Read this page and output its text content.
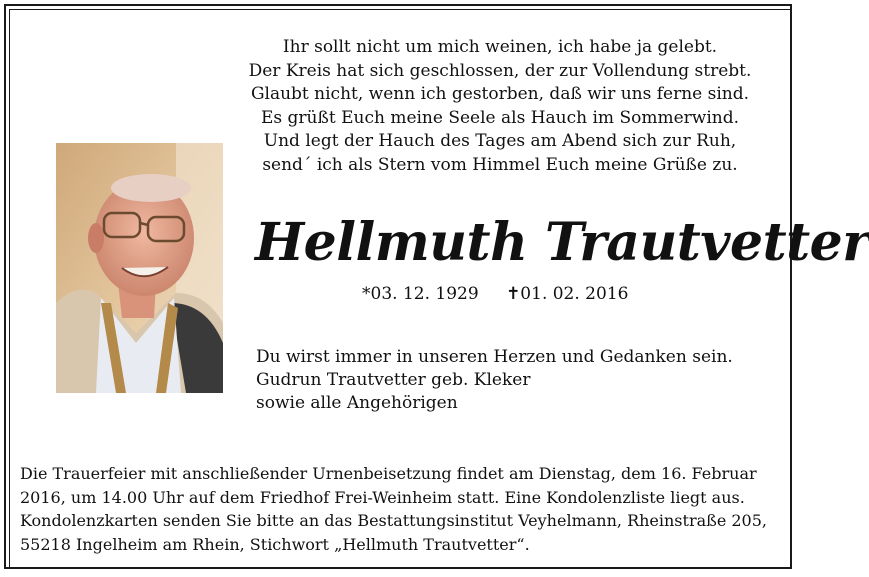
Ihr sollt nicht um mich weinen, ich habe ja gelebt.
Der Kreis hat sich geschlossen, der zur Vollendung strebt.
Glaubt nicht, wenn ich gestorben, daß wir uns ferne sind.
Es grüßt Euch meine Seele als Hauch im Sommerwind.
Und legt der Hauch des Tages am Abend sich zur Ruh,
send´ ich als Stern vom Himmel Euch meine Grüße zu.
Hellmuth Trautvetter
*03. 12. 1929 ✝01. 02. 2016
Du wirst immer in unseren Herzen und Gedanken sein.
Gudrun Trautvetter geb. Kleker
sowie alle Angehörigen
Die Trauerfeier mit anschließender Urnenbeisetzung findet am Dienstag, dem 16. Februar
2016, um 14.00 Uhr auf dem Friedhof Frei-Weinheim statt. Eine Kondolenzliste liegt aus.
Kondolenzkarten senden Sie bitte an das Bestattungsinstitut Veyhelmann, Rheinstraße 205,
55218 Ingelheim am Rhein, Stichwort „Hellmuth Trautvetter“.
